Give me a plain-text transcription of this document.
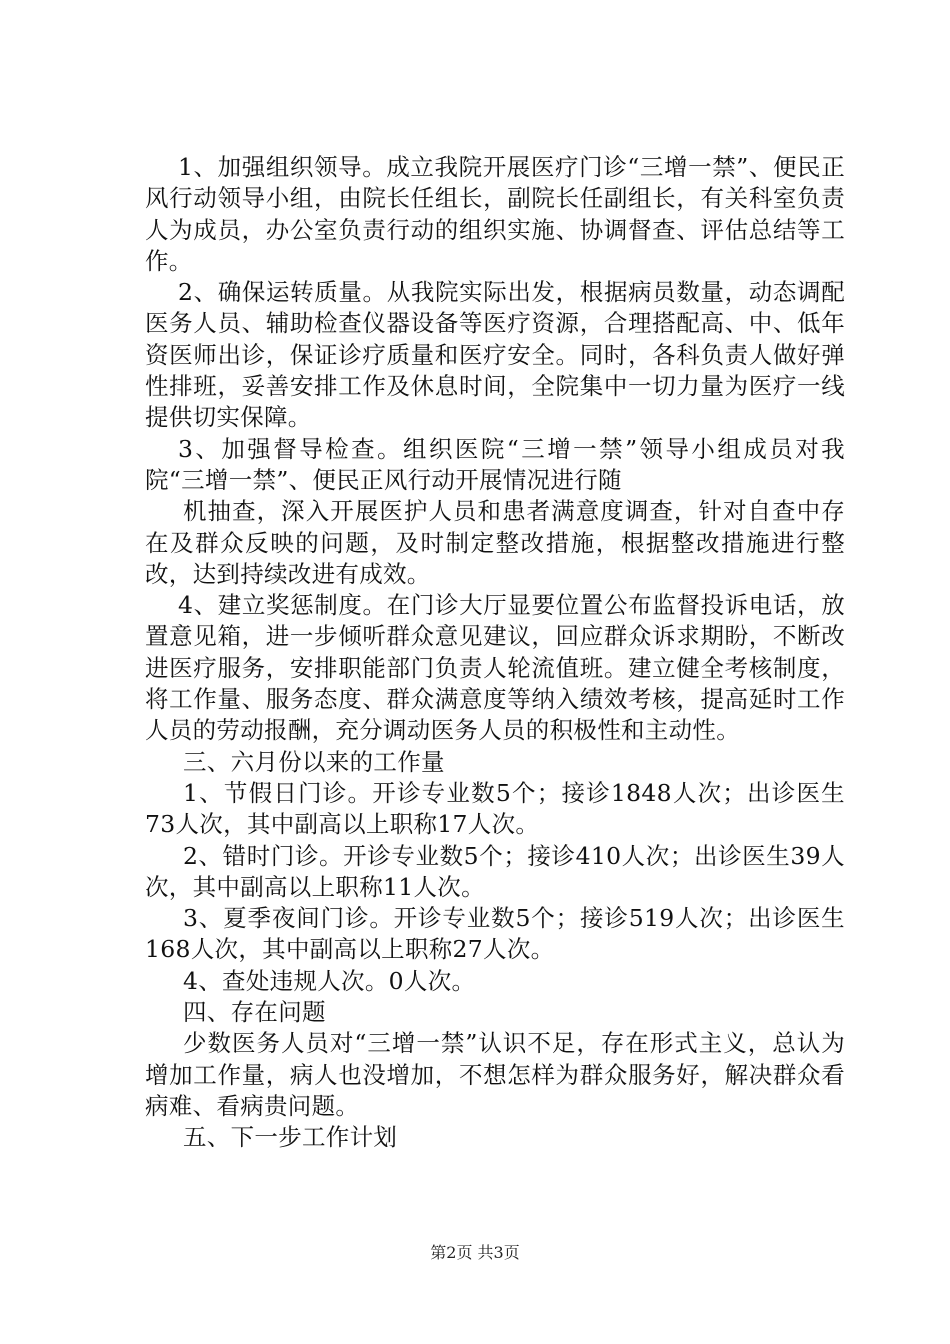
1、加强组织领导。成立我院开展医疗门诊“三增一禁”、便民正风行动领导小组，由院长任组长，副院长任副组长，有关科室负责人为成员，办公室负责行动的组织实施、协调督查、评估总结等工作。

2、确保运转质量。从我院实际出发，根据病员数量，动态调配医务人员、辅助检查仪器设备等医疗资源，合理搭配高、中、低年资医师出诊，保证诊疗质量和医疗安全。同时，各科负责人做好弹性排班，妥善安排工作及休息时间，全院集中一切力量为医疗一线提供切实保障。

3、加强督导检查。组织医院“三增一禁”领导小组成员对我院“三增一禁”、便民正风行动开展情况进行随

机抽查，深入开展医护人员和患者满意度调查，针对自查中存在及群众反映的问题，及时制定整改措施，根据整改措施进行整改，达到持续改进有成效。

4、建立奖惩制度。在门诊大厅显要位置公布监督投诉电话，放置意见箱，进一步倾听群众意见建议，回应群众诉求期盼，不断改进医疗服务，安排职能部门负责人轮流值班。建立健全考核制度，将工作量、服务态度、群众满意度等纳入绩效考核，提高延时工作人员的劳动报酬，充分调动医务人员的积极性和主动性。

三、六月份以来的工作量

1、节假日门诊。开诊专业数5个；接诊1848人次；出诊医生73人次，其中副高以上职称17人次。

2、错时门诊。开诊专业数5个；接诊410人次；出诊医生39人次，其中副高以上职称11人次。

3、夏季夜间门诊。开诊专业数5个；接诊519人次；出诊医生168人次，其中副高以上职称27人次。

4、查处违规人次。0人次。

四、存在问题

少数医务人员对“三增一禁”认识不足，存在形式主义，总认为增加工作量，病人也没增加，不想怎样为群众服务好，解决群众看病难、看病贵问题。

五、下一步工作计划

第2页 共3页
